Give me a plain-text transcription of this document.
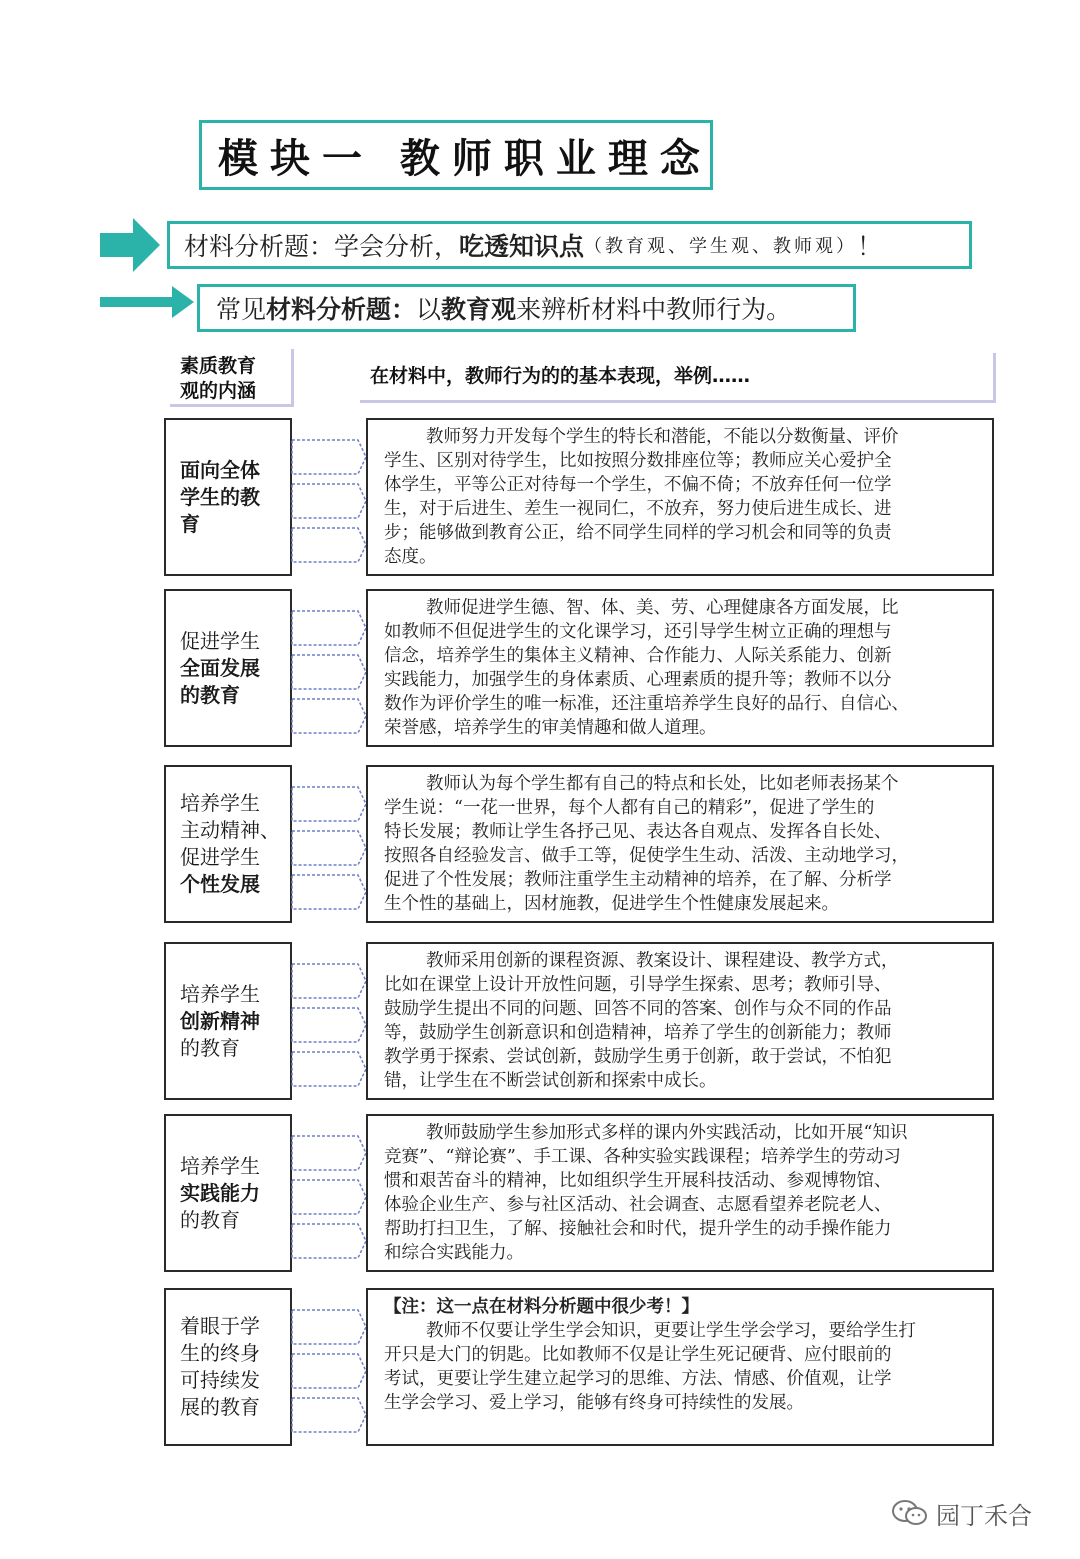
模块一 教师职业理念
材料分析题：学会分析， 吃透知识点 （教育观、学生观、教师观） ！
常见 材料分析题： 以 教育观 来辨析材料中教师行为。
素质教育
观的内涵
在材料中，教师行为的的基本表现，举例……
面向全体
学生的教
育
教师努力开发每个学生的特长和潜能，不能以分数衡量、评价
学生、区别对待学生，比如按照分数排座位等；教师应关心爱护全
体学生，平等公正对待每一个学生，不偏不倚；不放弃任何一位学
生，对于后进生、差生一视同仁，不放弃，努力使后进生成长、进
步；能够做到教育公正，给不同学生同样的学习机会和同等的负责
态度。
促进学生
全面发展
的教育
教师促进学生德、智、体、美、劳、心理健康各方面发展，比
如教师不但促进学生的文化课学习，还引导学生树立正确的理想与
信念，培养学生的集体主义精神、合作能力、人际关系能力、创新
实践能力，加强学生的身体素质、心理素质的提升等；教师不以分
数作为评价学生的唯一标准，还注重培养学生良好的品行、自信心、
荣誉感，培养学生的审美情趣和做人道理。
培养学生
主动精神、
促进学生
个性发展
教师认为每个学生都有自己的特点和长处，比如老师表扬某个
学生说：“一花一世界，每个人都有自己的精彩”，促进了学生的
特长发展；教师让学生各抒己见、表达各自观点、发挥各自长处、
按照各自经验发言、做手工等，促使学生生动、活泼、主动地学习，
促进了个性发展；教师注重学生主动精神的培养，在了解、分析学
生个性的基础上，因材施教，促进学生个性健康发展起来。
培养学生
创新精神
的教育
教师采用创新的课程资源、教案设计、课程建设、教学方式，
比如在课堂上设计开放性问题，引导学生探索、思考；教师引导、
鼓励学生提出不同的问题、回答不同的答案、创作与众不同的作品
等，鼓励学生创新意识和创造精神，培养了学生的创新能力；教师
教学勇于探索、尝试创新，鼓励学生勇于创新，敢于尝试，不怕犯
错，让学生在不断尝试创新和探索中成长。
培养学生
实践能力
的教育
教师鼓励学生参加形式多样的课内外实践活动，比如开展“知识
竞赛”、“辩论赛”、手工课、各种实验实践课程；培养学生的劳动习
惯和艰苦奋斗的精神，比如组织学生开展科技活动、参观博物馆、
体验企业生产、参与社区活动、社会调查、志愿看望养老院老人、
帮助打扫卫生，了解、接触社会和时代，提升学生的动手操作能力
和综合实践能力。
着眼于学
生的终身
可持续发
展的教育
【注：这一点在材料分析题中很少考！】
教师不仅要让学生学会知识，更要让学生学会学习，要给学生打
开只是大门的钥匙。比如教师不仅是让学生死记硬背、应付眼前的
考试，更要让学生建立起学习的思维、方法、情感、价值观，让学
生学会学习、爱上学习，能够有终身可持续性的发展。
园丁禾合
